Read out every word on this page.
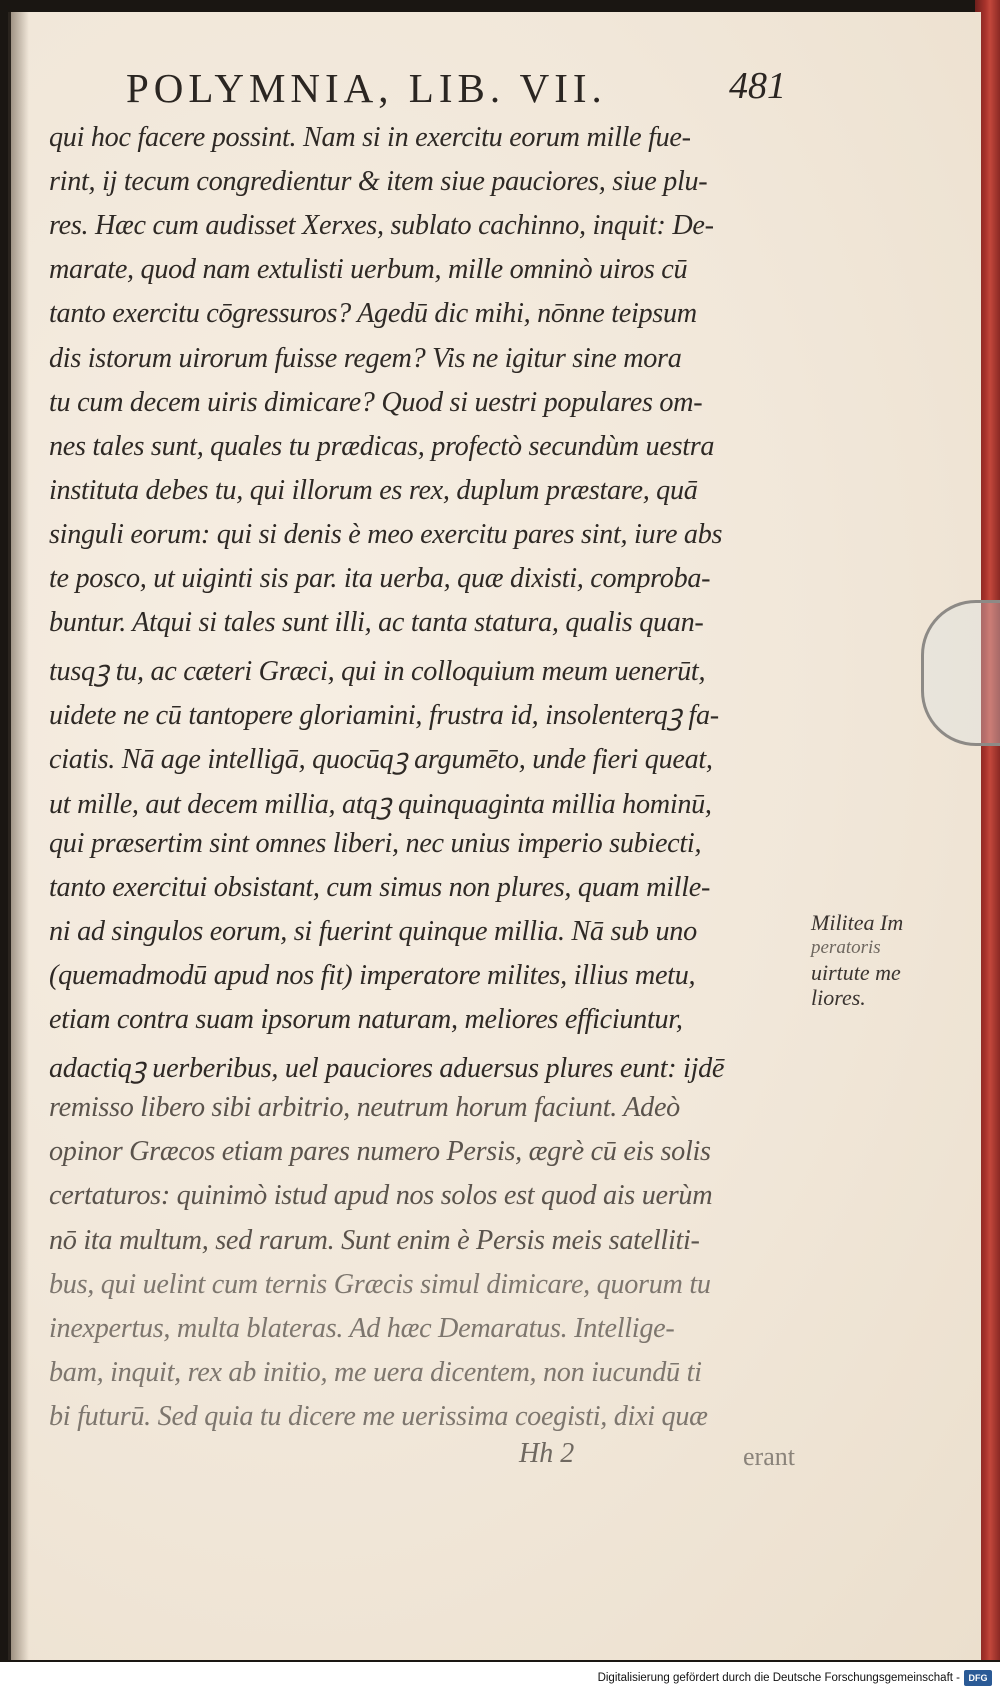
POLYMNIA, LIB. VII.	481
qui hoc facere possint. Nam si in exercitu eorum mille fue-
rint, ij tecum congredientur & item siue pauciores, siue plu-
res. Hæc cum audisset Xerxes, sublato cachinno, inquit: De-
marate, quod nam extulisti uerbum, mille omninò uiros cū
tanto exercitu cōgressuros? Agedū dic mihi, nōnne teipsum
dis istorum uirorum fuisse regem? Vis ne igitur sine mora
tu cum decem uiris dimicare? Quod si uestri populares om-
nes tales sunt, quales tu prædicas, profectò secundùm uestra
instituta debes tu, qui illorum es rex, duplum præstare, quā
singuli eorum: qui si denis è meo exercitu pares sint, iure abs
te posco, ut uiginti sis par. ita uerba, quæ dixisti, comproba-
buntur. Atqui si tales sunt illi, ac tanta statura, qualis quan-
tusqꝫ tu, ac cæteri Græci, qui in colloquium meum uenerūt,
uidete ne cū tantopere gloriamini, frustra id, insolenterqꝫ fa-
ciatis. Nā age intelligā, quocūqꝫ argumēto, unde fieri queat,
ut mille, aut decem millia, atqꝫ quinquaginta millia hominū,
qui præsertim sint omnes liberi, nec unius imperio subiecti,
tanto exercitui obsistant, cum simus non plures, quam mille-
ni ad singulos eorum, si fuerint quinque millia. Nā sub uno
(quemadmodū apud nos fit) imperatore milites, illius metu,
etiam contra suam ipsorum naturam, meliores efficiuntur,
adactiqꝫ uerberibus, uel pauciores aduersus plures eunt: ijdē
remisso libero sibi arbitrio, neutrum horum faciunt. Adeò
opinor Græcos etiam pares numero Persis, ægrè cū eis solis
certaturos: quinimò istud apud nos solos est quod ais uerùm
nō ita multum, sed rarum. Sunt enim è Persis meis satelliti-
bus, qui uelint cum ternis Græcis simul dimicare, quorum tu
inexpertus, multa blateras. Ad hæc Demaratus. Intellige-
bam, inquit, rex ab initio, me uera dicentem, non iucundū ti
bi futurū. Sed quia tu dicere me uerissima coegisti, dixi quæ
Militea Im
peratoris
uirtute me
liores.
Hh 2	erant
Digitalisierung gefördert durch die Deutsche Forschungsgemeinschaft - DFG
